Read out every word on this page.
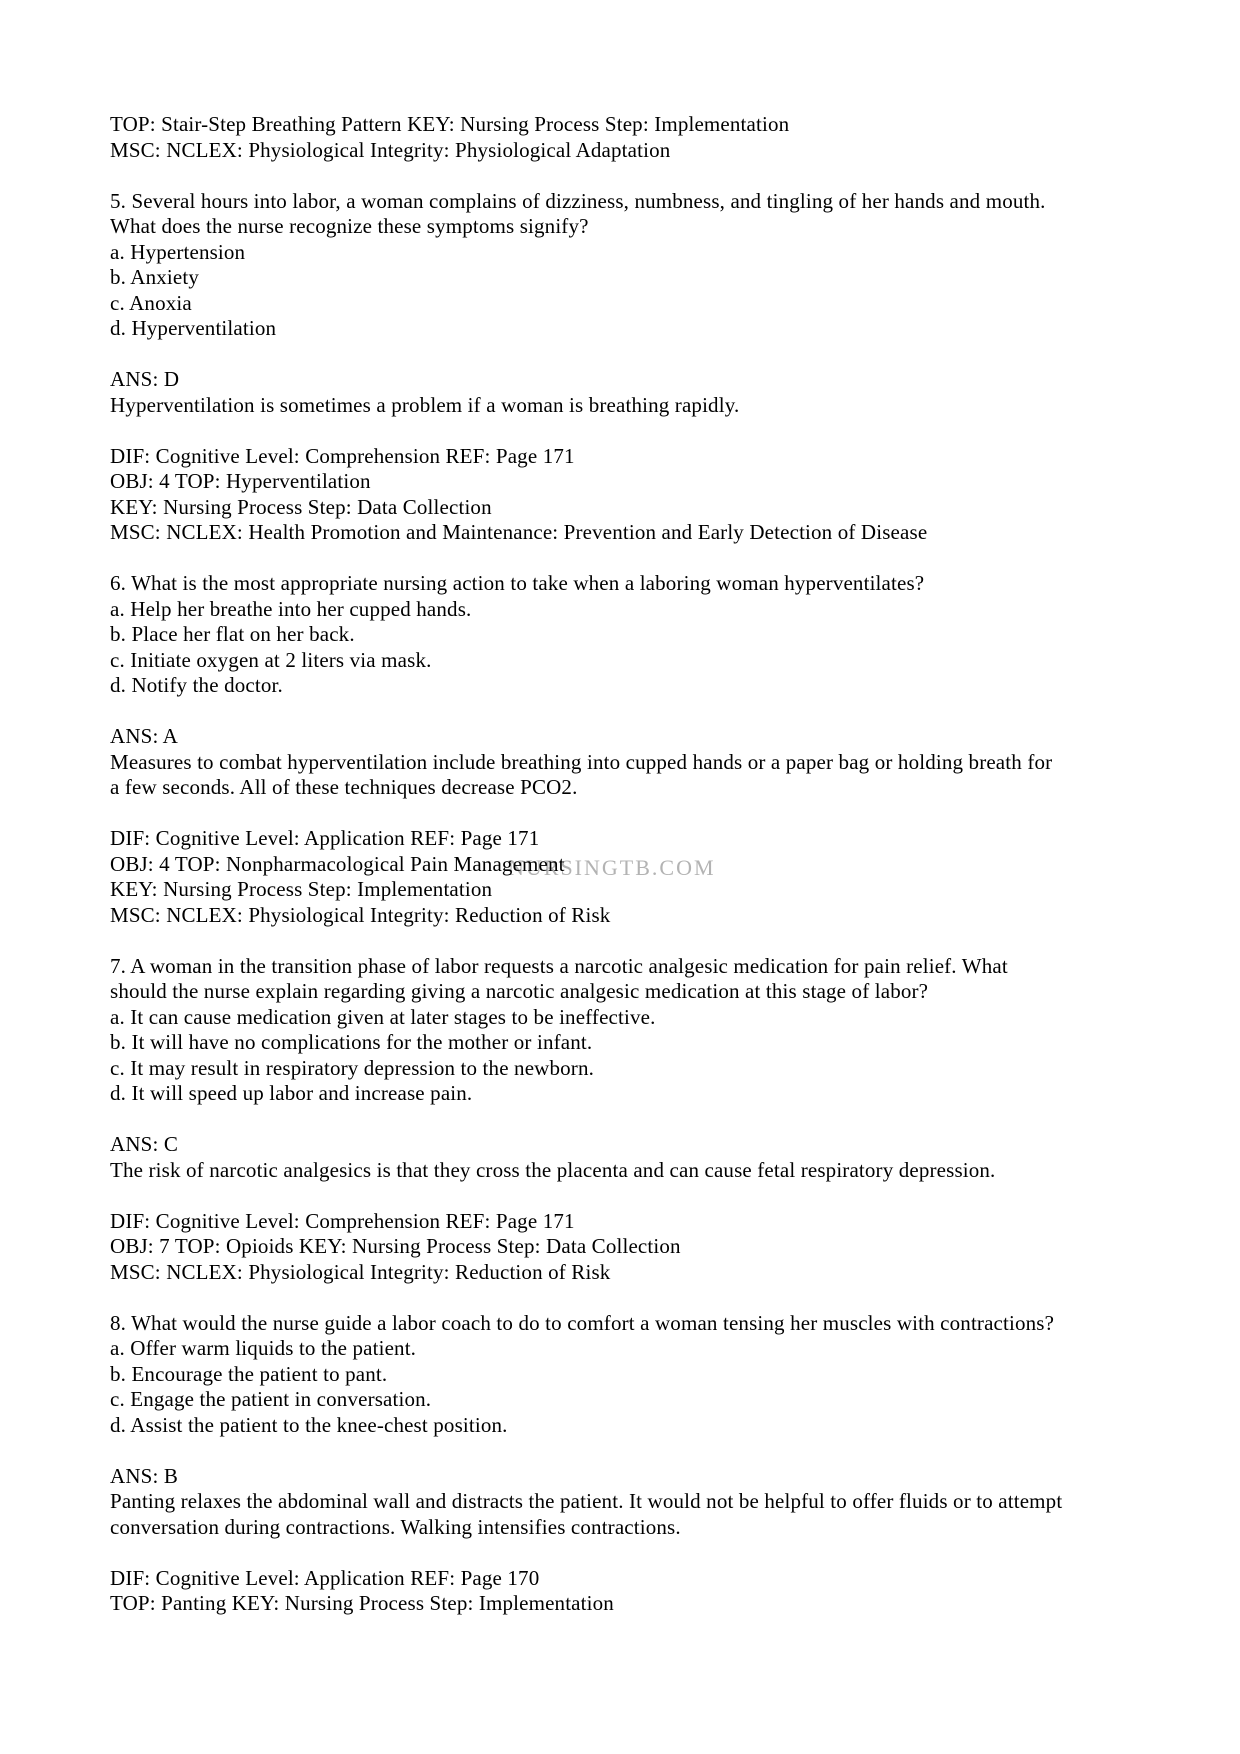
NURSINGTB.COM
TOP: Stair-Step Breathing Pattern KEY: Nursing Process Step: Implementation
MSC: NCLEX: Physiological Integrity: Physiological Adaptation
5. Several hours into labor, a woman complains of dizziness, numbness, and tingling of her hands and mouth.
What does the nurse recognize these symptoms signify?
a. Hypertension
b. Anxiety
c. Anoxia
d. Hyperventilation
ANS: D
Hyperventilation is sometimes a problem if a woman is breathing rapidly.
DIF: Cognitive Level: Comprehension REF: Page 171
OBJ: 4 TOP: Hyperventilation
KEY: Nursing Process Step: Data Collection
MSC: NCLEX: Health Promotion and Maintenance: Prevention and Early Detection of Disease
6. What is the most appropriate nursing action to take when a laboring woman hyperventilates?
a. Help her breathe into her cupped hands.
b. Place her flat on her back.
c. Initiate oxygen at 2 liters via mask.
d. Notify the doctor.
ANS: A
Measures to combat hyperventilation include breathing into cupped hands or a paper bag or holding breath for
a few seconds. All of these techniques decrease PCO2.
DIF: Cognitive Level: Application REF: Page 171
OBJ: 4 TOP: Nonpharmacological Pain Management
KEY: Nursing Process Step: Implementation
MSC: NCLEX: Physiological Integrity: Reduction of Risk
7. A woman in the transition phase of labor requests a narcotic analgesic medication for pain relief. What
should the nurse explain regarding giving a narcotic analgesic medication at this stage of labor?
a. It can cause medication given at later stages to be ineffective.
b. It will have no complications for the mother or infant.
c. It may result in respiratory depression to the newborn.
d. It will speed up labor and increase pain.
ANS: C
The risk of narcotic analgesics is that they cross the placenta and can cause fetal respiratory depression.
DIF: Cognitive Level: Comprehension REF: Page 171
OBJ: 7 TOP: Opioids KEY: Nursing Process Step: Data Collection
MSC: NCLEX: Physiological Integrity: Reduction of Risk
8. What would the nurse guide a labor coach to do to comfort a woman tensing her muscles with contractions?
a. Offer warm liquids to the patient.
b. Encourage the patient to pant.
c. Engage the patient in conversation.
d. Assist the patient to the knee-chest position.
ANS: B
Panting relaxes the abdominal wall and distracts the patient. It would not be helpful to offer fluids or to attempt
conversation during contractions. Walking intensifies contractions.
DIF: Cognitive Level: Application REF: Page 170
TOP: Panting KEY: Nursing Process Step: Implementation
